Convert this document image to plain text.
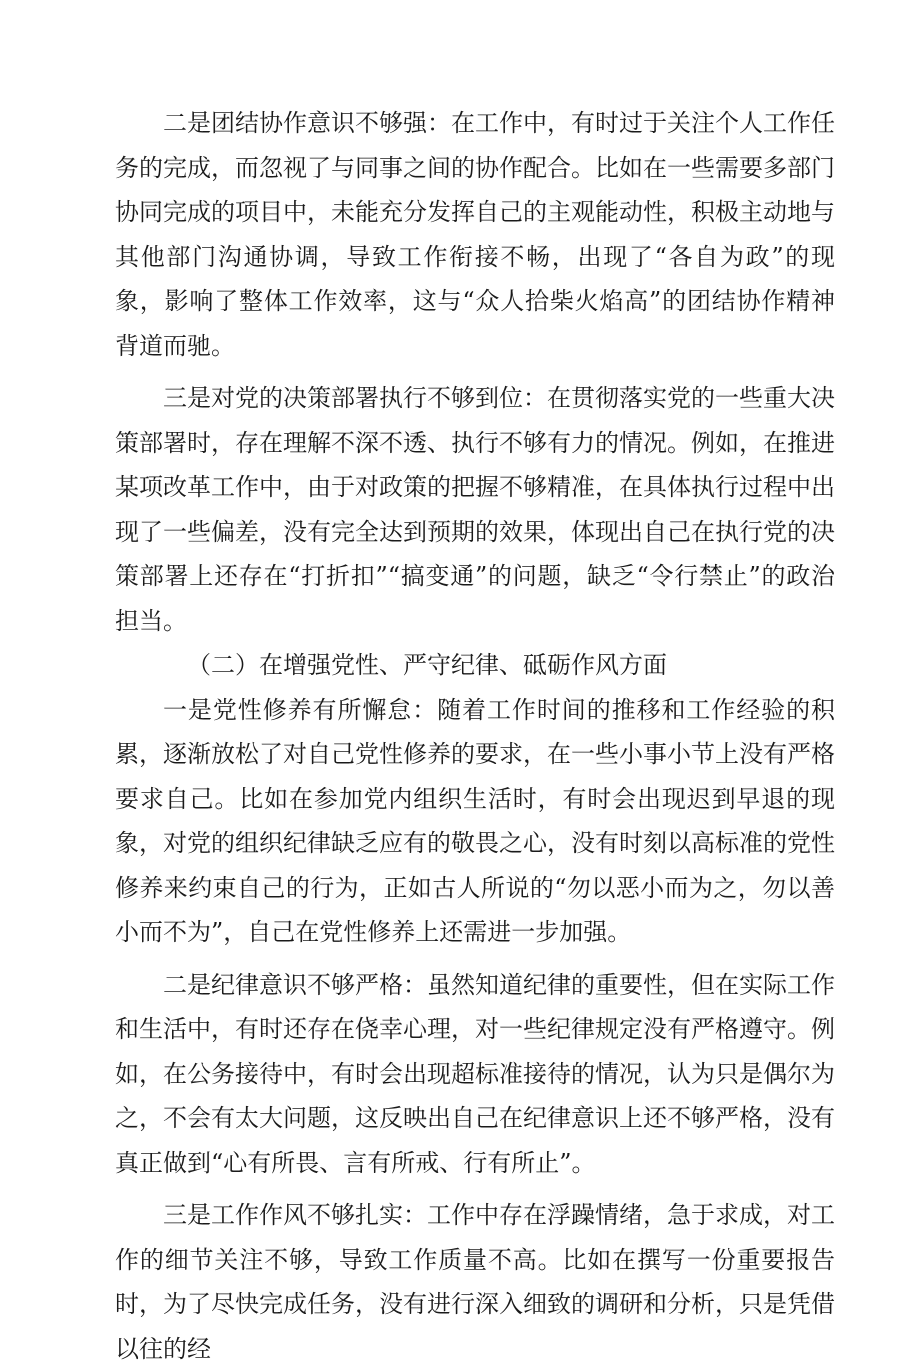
二是团结协作意识不够强：在工作中，有时过于关注个人工作任务的完成，而忽视了与同事之间的协作配合。比如在一些需要多部门协同完成的项目中，未能充分发挥自己的主观能动性，积极主动地与其他部门沟通协调，导致工作衔接不畅，出现了“各自为政”的现象，影响了整体工作效率，这与“众人拾柴火焰高”的团结协作精神背道而驰。

三是对党的决策部署执行不够到位：在贯彻落实党的一些重大决策部署时，存在理解不深不透、执行不够有力的情况。例如，在推进某项改革工作中，由于对政策的把握不够精准，在具体执行过程中出现了一些偏差，没有完全达到预期的效果，体现出自己在执行党的决策部署上还存在“打折扣”“搞变通”的问题，缺乏“令行禁止”的政治担当。

（二）在增强党性、严守纪律、砥砺作风方面

一是党性修养有所懈怠：随着工作时间的推移和工作经验的积累，逐渐放松了对自己党性修养的要求，在一些小事小节上没有严格要求自己。比如在参加党内组织生活时，有时会出现迟到早退的现象，对党的组织纪律缺乏应有的敬畏之心，没有时刻以高标准的党性修养来约束自己的行为，正如古人所说的“勿以恶小而为之，勿以善小而不为”，自己在党性修养上还需进一步加强。

二是纪律意识不够严格：虽然知道纪律的重要性，但在实际工作和生活中，有时还存在侥幸心理，对一些纪律规定没有严格遵守。例如，在公务接待中，有时会出现超标准接待的情况，认为只是偶尔为之，不会有太大问题，这反映出自己在纪律意识上还不够严格，没有真正做到“心有所畏、言有所戒、行有所止”。

三是工作作风不够扎实：工作中存在浮躁情绪，急于求成，对工作的细节关注不够，导致工作质量不高。比如在撰写一份重要报告时，为了尽快完成任务，没有进行深入细致的调研和分析，只是凭借以往的经
